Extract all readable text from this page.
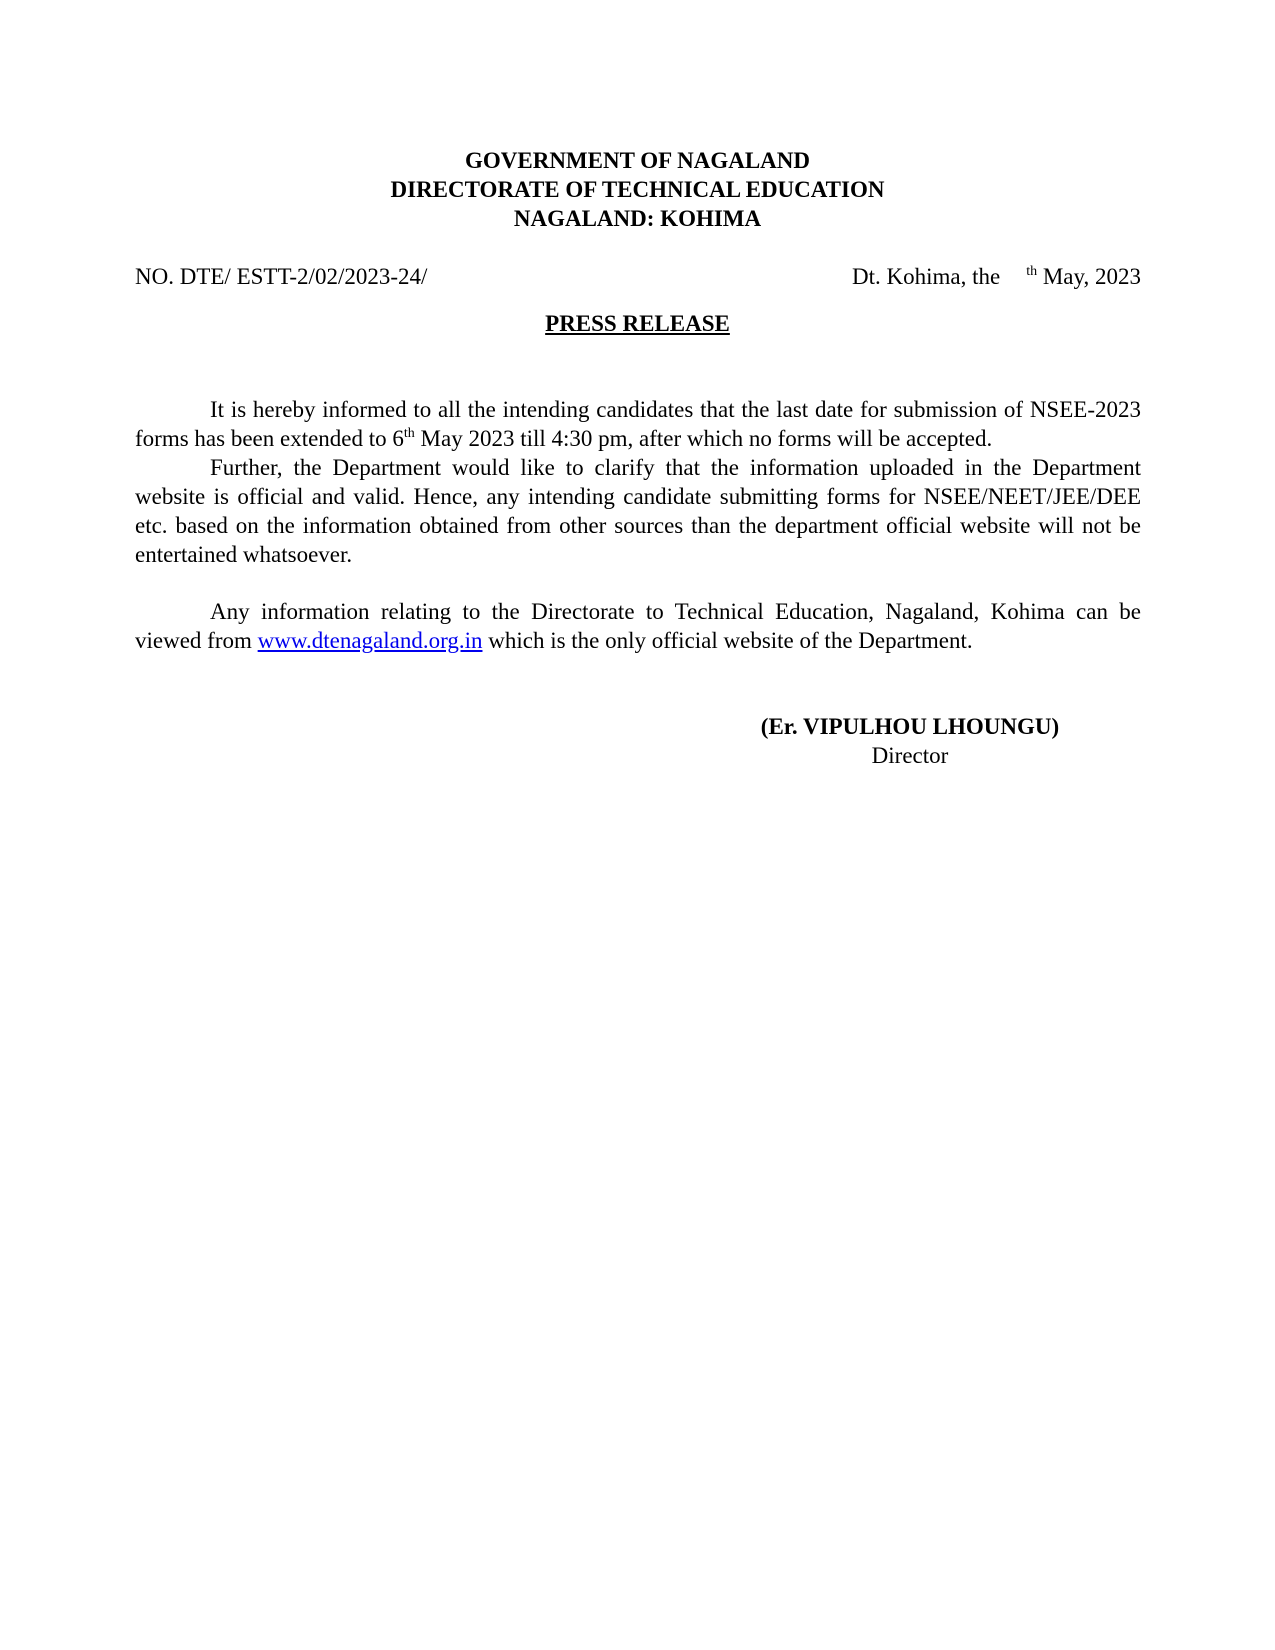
GOVERNMENT OF NAGALAND
DIRECTORATE OF TECHNICAL EDUCATION
NAGALAND: KOHIMA
NO. DTE/ ESTT-2/02/2023-24/	Dt. Kohima, the $^{th}$ May, 2023
PRESS RELEASE

It is hereby informed to all the intending candidates that the last date for submission of NSEE-2023 forms has been extended to 6th May 2023 till 4:30 pm, after which no forms will be accepted.

Further, the Department would like to clarify that the information uploaded in the Department website is official and valid. Hence, any intending candidate submitting forms for NSEE/NEET/JEE/DEE etc. based on the information obtained from other sources than the department official website will not be entertained whatsoever.

Any information relating to the Directorate to Technical Education, Nagaland, Kohima can be viewed from www.dtenagaland.org.in which is the only official website of the Department.

(Er. VIPULHOU LHOUNGU)
Director
